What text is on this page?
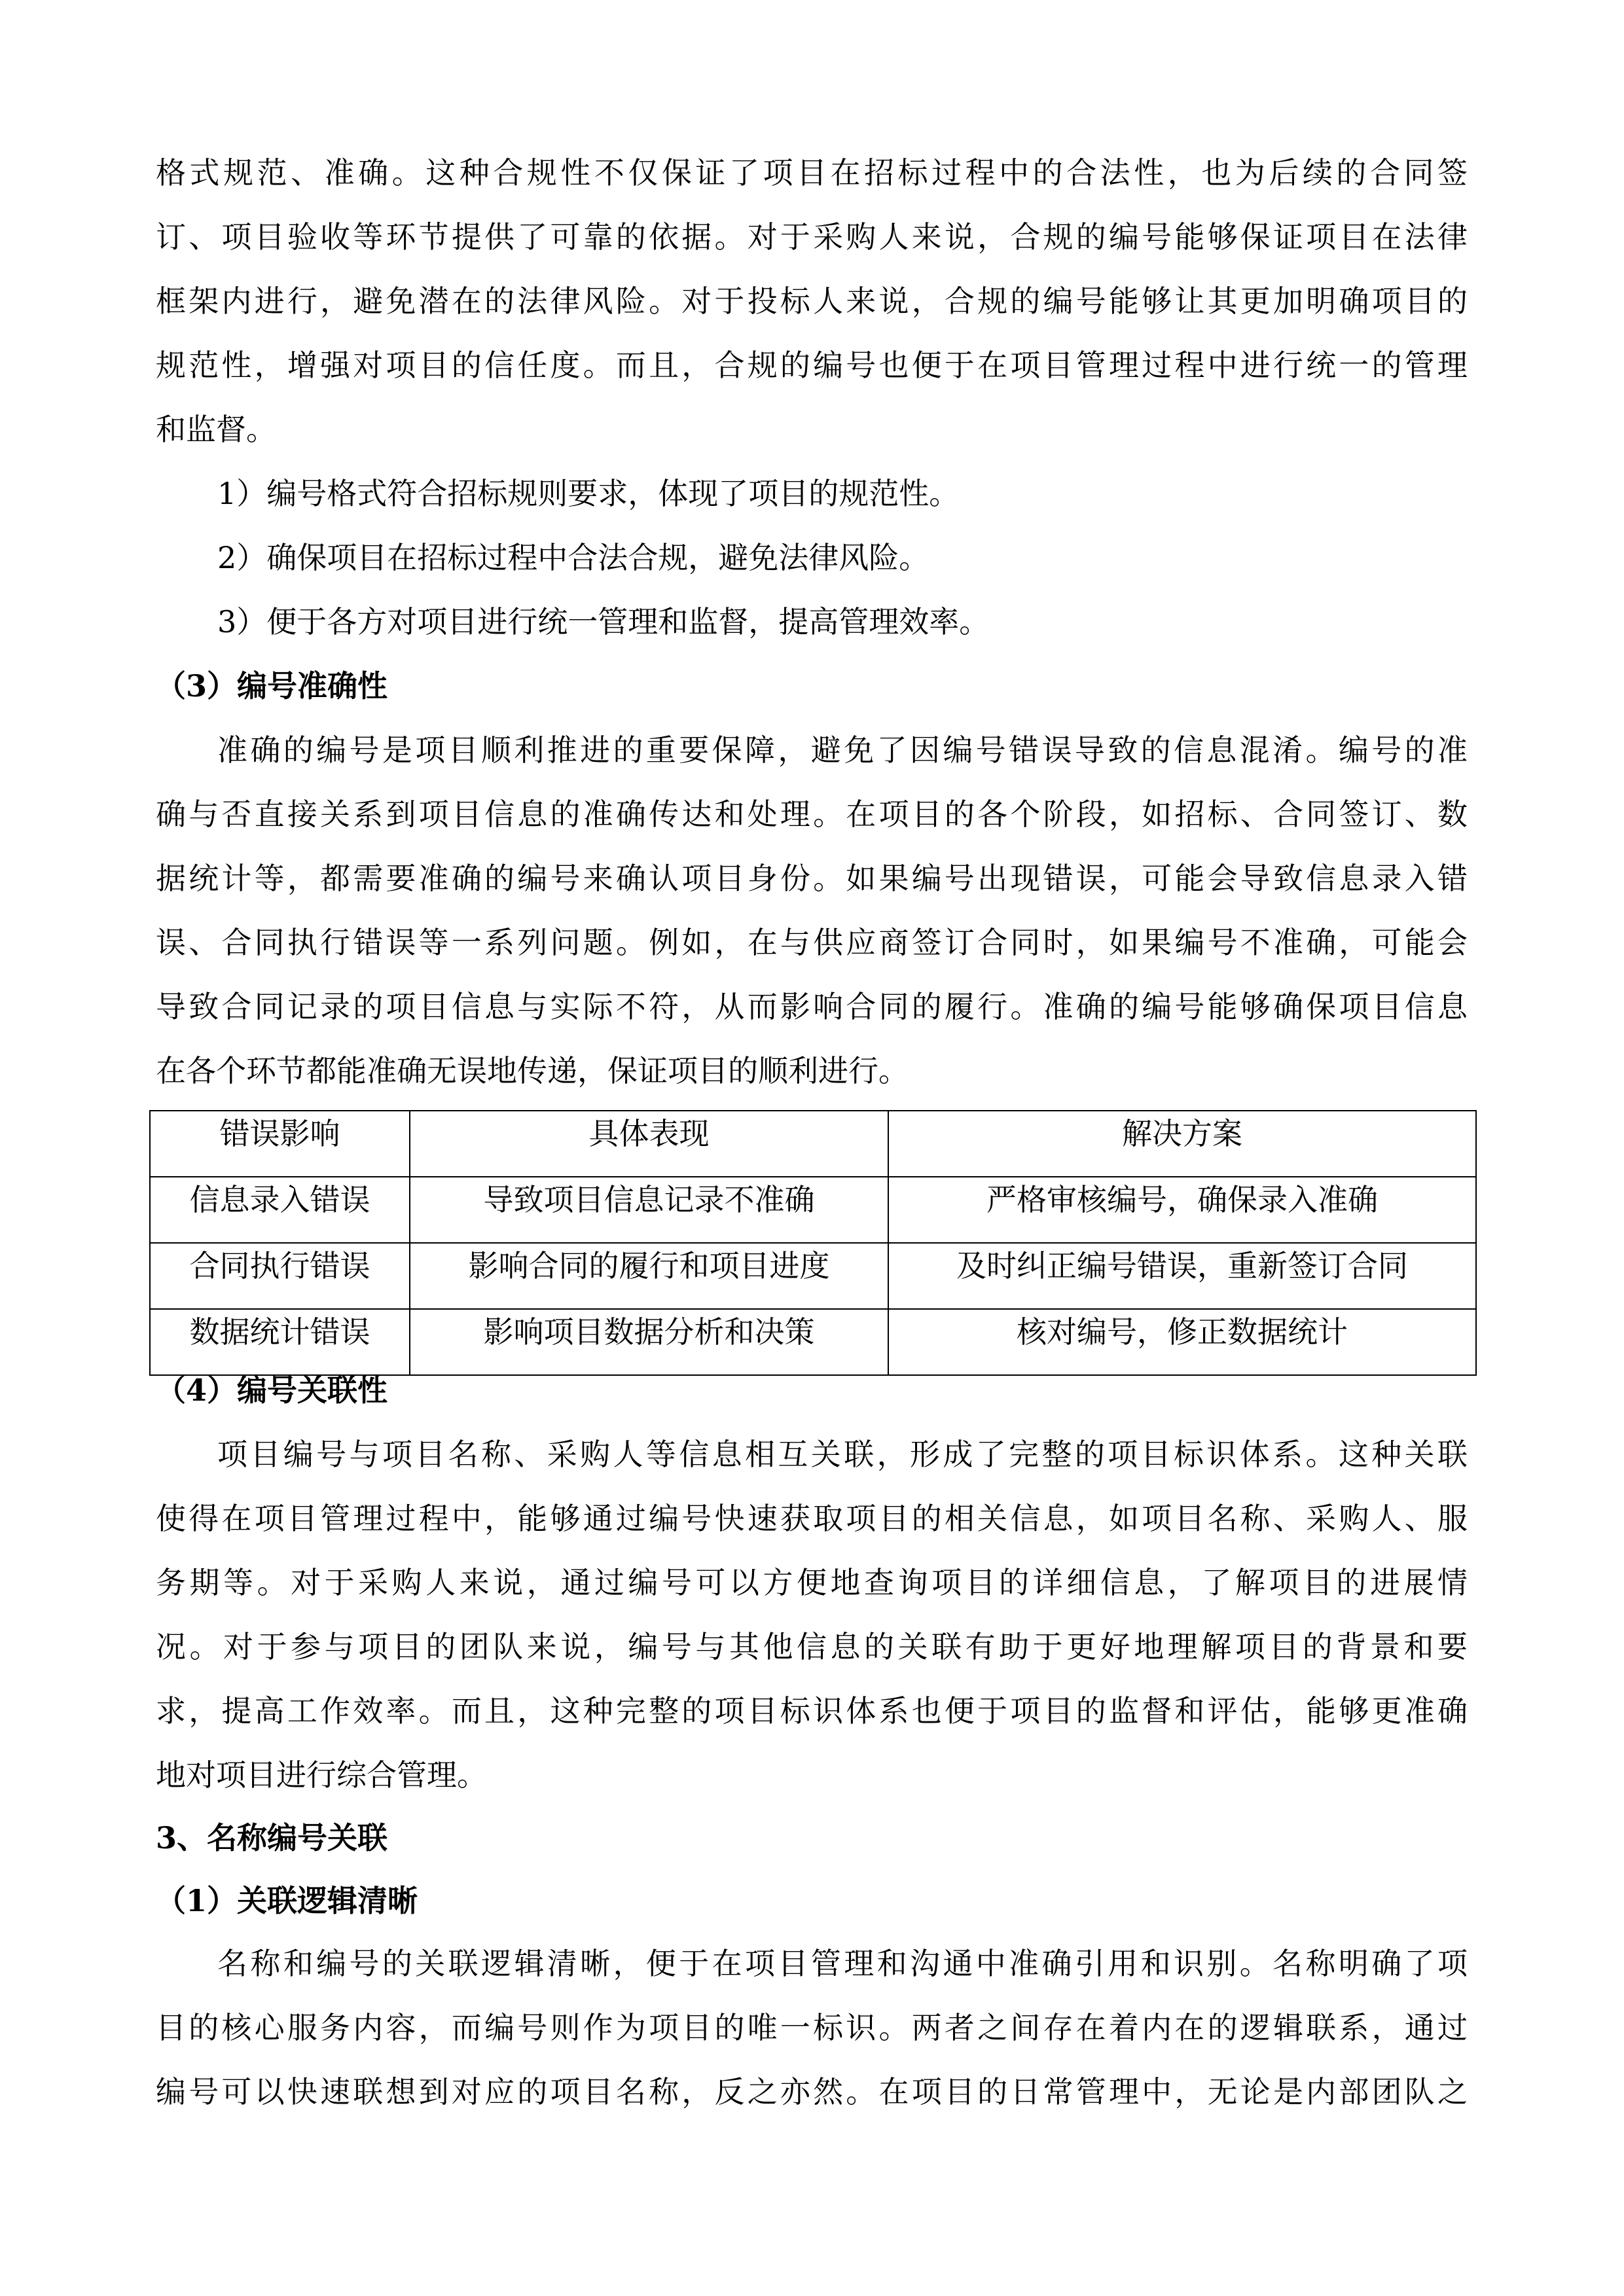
格式规范、准确。这种合规性不仅保证了项目在招标过程中的合法性，也为后续的合同签
订、项目验收等环节提供了可靠的依据。对于采购人来说，合规的编号能够保证项目在法律
框架内进行，避免潜在的法律风险。对于投标人来说，合规的编号能够让其更加明确项目的
规范性，增强对项目的信任度。而且，合规的编号也便于在项目管理过程中进行统一的管理
和监督。
1）编号格式符合招标规则要求，体现了项目的规范性。
2）确保项目在招标过程中合法合规，避免法律风险。
3）便于各方对项目进行统一管理和监督，提高管理效率。
（3）编号准确性
准确的编号是项目顺利推进的重要保障，避免了因编号错误导致的信息混淆。编号的准
确与否直接关系到项目信息的准确传达和处理。在项目的各个阶段，如招标、合同签订、数
据统计等，都需要准确的编号来确认项目身份。如果编号出现错误，可能会导致信息录入错
误、合同执行错误等一系列问题。例如，在与供应商签订合同时，如果编号不准确，可能会
导致合同记录的项目信息与实际不符，从而影响合同的履行。准确的编号能够确保项目信息
在各个环节都能准确无误地传递，保证项目的顺利进行。
错误影响	具体表现	解决方案
信息录入错误	导致项目信息记录不准确	严格审核编号，确保录入准确
合同执行错误	影响合同的履行和项目进度	及时纠正编号错误，重新签订合同
数据统计错误	影响项目数据分析和决策	核对编号，修正数据统计
（4）编号关联性
项目编号与项目名称、采购人等信息相互关联，形成了完整的项目标识体系。这种关联
使得在项目管理过程中，能够通过编号快速获取项目的相关信息，如项目名称、采购人、服
务期等。对于采购人来说，通过编号可以方便地查询项目的详细信息，了解项目的进展情
况。对于参与项目的团队来说，编号与其他信息的关联有助于更好地理解项目的背景和要
求，提高工作效率。而且，这种完整的项目标识体系也便于项目的监督和评估，能够更准确
地对项目进行综合管理。
3、名称编号关联
（1）关联逻辑清晰
名称和编号的关联逻辑清晰，便于在项目管理和沟通中准确引用和识别。名称明确了项
目的核心服务内容，而编号则作为项目的唯一标识。两者之间存在着内在的逻辑联系，通过
编号可以快速联想到对应的项目名称，反之亦然。在项目的日常管理中，无论是内部团队之
